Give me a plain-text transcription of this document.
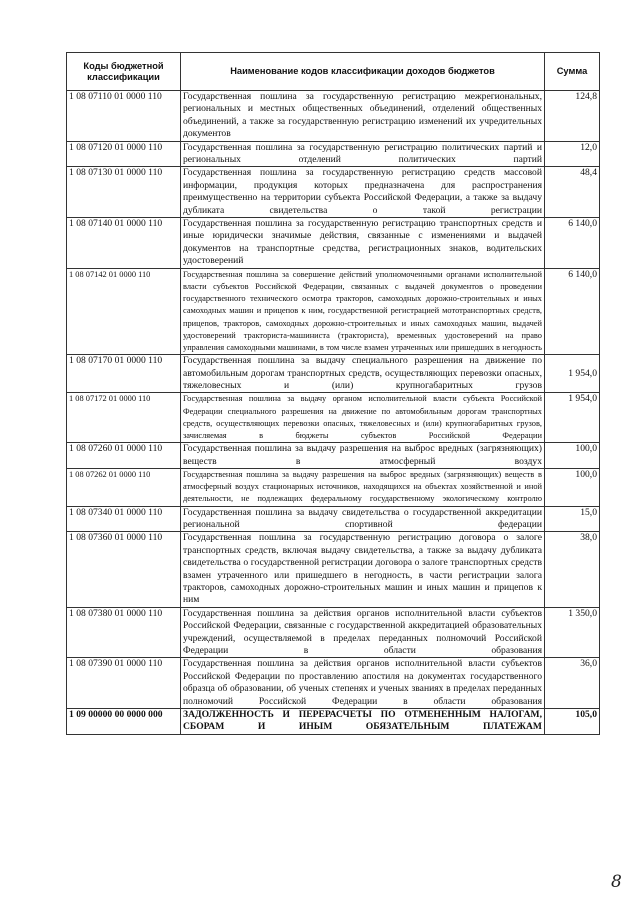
Коды бюджетной классификации	Наименование кодов классификации доходов бюджетов	Сумма
1 08 07110 01 0000 110	Государственная пошлина за государственную регистрацию межрегиональных, региональных и местных общественных объединений, отделений общественных объединений, а также за государственную регистрацию изменений их учредительных документов	124,8
1 08 07120 01 0000 110	Государственная пошлина за государственную регистрацию политических партий и региональных отделений политических партий	12,0
1 08 07130 01 0000 110	Государственная пошлина за государственную регистрацию средств массовой информации, продукция которых предназначена для распространения преимущественно на территории субъекта Российской Федерации, а также за выдачу дубликата свидетельства о такой регистрации	48,4
1 08 07140 01 0000 110	Государственная пошлина за государственную регистрацию транспортных средств и иные юридически значимые действия, связанные с изменениями и выдачей документов на транспортные средства, регистрационных знаков, водительских удостоверений	6 140,0
1 08 07142 01 0000 110	Государственная пошлина за совершение действий уполномоченными органами исполнительной власти субъектов Российской Федерации, связанных с выдачей документов о проведении государственного технического осмотра тракторов, самоходных дорожно-строительных и иных самоходных машин и прицепов к ним, государственной регистрацией мототранспортных средств, прицепов, тракторов, самоходных дорожно-строительных и иных самоходных машин, выдачей удостоверений тракториста-машиниста (тракториста), временных удостоверений на право управления самоходными машинами, в том числе взамен утраченных или пришедших в негодность	6 140,0
1 08 07170 01 0000 110	Государственная пошлина за выдачу специального разрешения на движение по автомобильным дорогам транспортных средств, осуществляющих перевозки опасных, тяжеловесных и (или) крупногабаритных грузов	1 954,0
1 08 07172 01 0000 110	Государственная пошлина за выдачу органом исполнительной власти субъекта Российской Федерации специального разрешения на движение по автомобильным дорогам транспортных средств, осуществляющих перевозки опасных, тяжеловесных и (или) крупногабаритных грузов, зачисляемая в бюджеты субъектов Российской Федерации	1 954,0
1 08 07260 01 0000 110	Государственная пошлина за выдачу разрешения на выброс вредных (загрязняющих) веществ в атмосферный воздух	100,0
1 08 07262 01 0000 110	Государственная пошлина за выдачу разрешения на выброс вредных (загрязняющих) веществ в атмосферный воздух стационарных источников, находящихся на объектах хозяйственной и иной деятельности, не подлежащих федеральному государственному экологическому контролю	100,0
1 08 07340 01 0000 110	Государственная пошлина за выдачу свидетельства о государственной аккредитации региональной спортивной федерации	15,0
1 08 07360 01 0000 110	Государственная пошлина за государственную регистрацию договора о залоге транспортных средств, включая выдачу свидетельства, а также за выдачу дубликата свидетельства о государственной регистрации договора о залоге транспортных средств взамен утраченного или пришедшего в негодность, в части регистрации залога тракторов, самоходных дорожно-строительных машин и иных машин и прицепов к ним	38,0
1 08 07380 01 0000 110	Государственная пошлина за действия органов исполнительной власти субъектов Российской Федерации, связанные с государственной аккредитацией образовательных учреждений, осуществляемой в пределах переданных полномочий Российской Федерации в области образования	1 350,0
1 08 07390 01 0000 110	Государственная пошлина за действия органов исполнительной власти субъектов Российской Федерации по проставлению апостиля на документах государственного образца об образовании, об ученых степенях и ученых званиях в пределах переданных полномочий Российской Федерации в области образования	36,0
1 09 00000 00 0000 000	ЗАДОЛЖЕННОСТЬ И ПЕРЕРАСЧЕТЫ ПО ОТМЕНЕННЫМ НАЛОГАМ, СБОРАМ И ИНЫМ ОБЯЗАТЕЛЬНЫМ ПЛАТЕЖАМ	105,0
8
